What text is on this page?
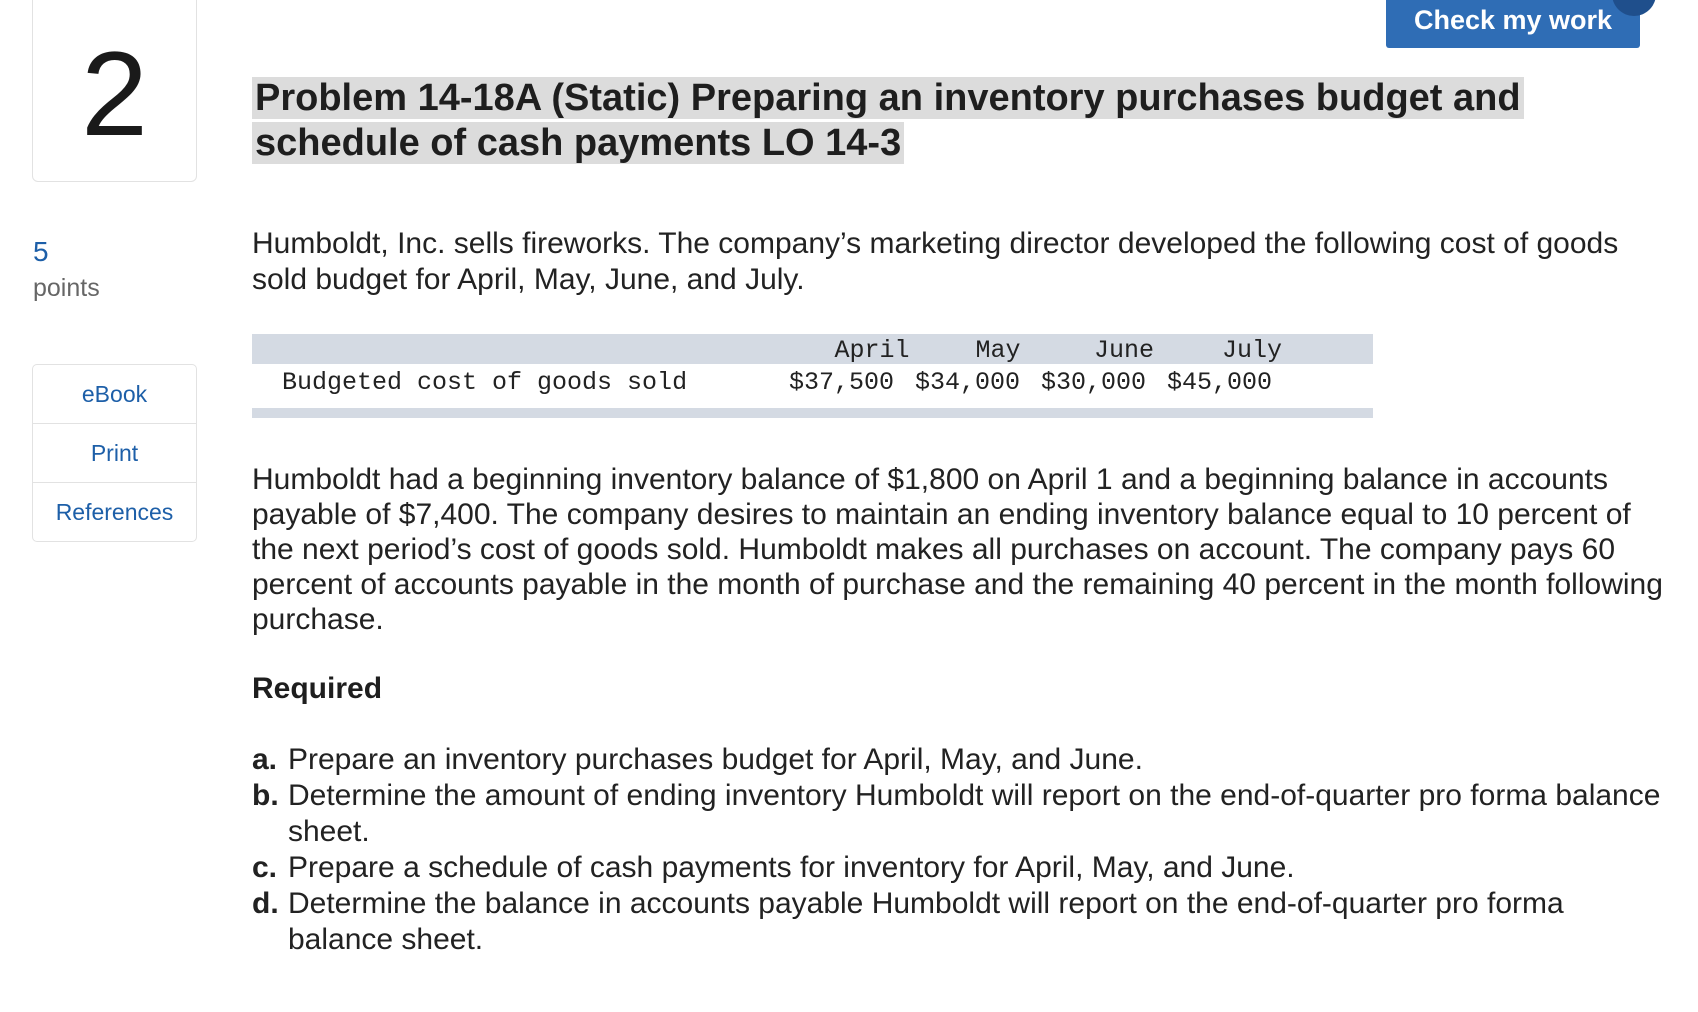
2
5
points
eBook
Print
References
Check my work
Problem 14-18A (Static) Preparing an inventory purchases budget and schedule of cash payments LO 14-3
Humboldt, Inc. sells fireworks. The company’s marketing director developed the following cost of goods sold budget for April, May, June, and July.
April	May	June	July
Budgeted cost of goods sold	$37,500 $34,000 $30,000 $45,000
Humboldt had a beginning inventory balance of $1,800 on April 1 and a beginning balance in accounts payable of $7,400. The company desires to maintain an ending inventory balance equal to 10 percent of the next period’s cost of goods sold. Humboldt makes all purchases on account. The company pays 60 percent of accounts payable in the month of purchase and the remaining 40 percent in the month following purchase.
Required
a. Prepare an inventory purchases budget for April, May, and June.
b. Determine the amount of ending inventory Humboldt will report on the end-of-quarter pro forma balance sheet.
c. Prepare a schedule of cash payments for inventory for April, May, and June.
d. Determine the balance in accounts payable Humboldt will report on the end-of-quarter pro forma balance sheet.
